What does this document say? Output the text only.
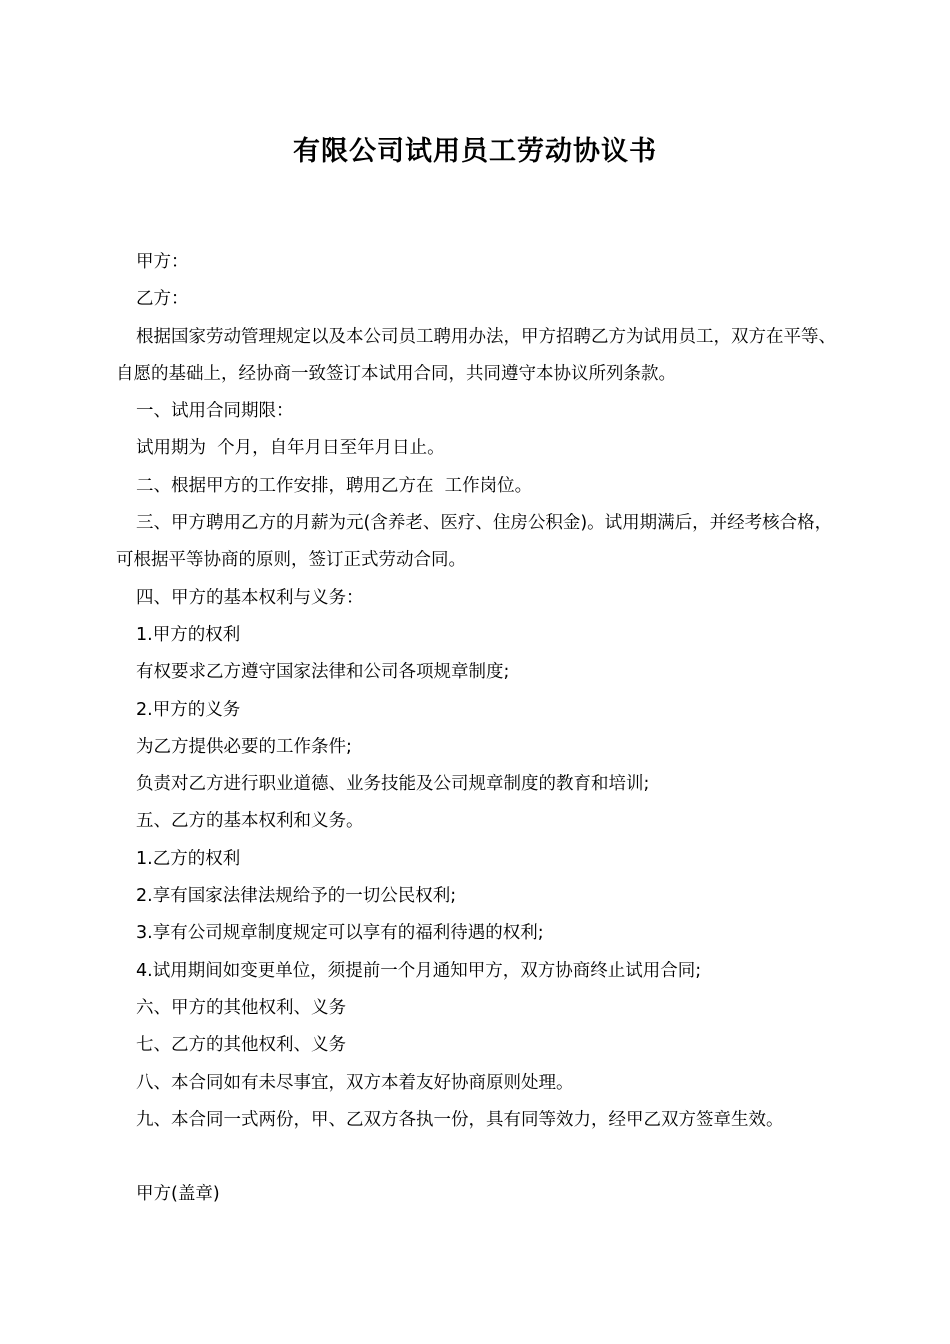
有限公司试用员工劳动协议书

甲方：

乙方：

根据国家劳动管理规定以及本公司员工聘用办法，甲方招聘乙方为试用员工，双方在平等、自愿的基础上，经协商一致签订本试用合同，共同遵守本协议所列条款。

一、试用合同期限：

试用期为  个月，自年月日至年月日止。

二、根据甲方的工作安排，聘用乙方在  工作岗位。

三、甲方聘用乙方的月薪为元(含养老、医疗、住房公积金)。试用期满后，并经考核合格，可根据平等协商的原则，签订正式劳动合同。

四、甲方的基本权利与义务：

1.甲方的权利

有权要求乙方遵守国家法律和公司各项规章制度;

2.甲方的义务

为乙方提供必要的工作条件;

负责对乙方进行职业道德、业务技能及公司规章制度的教育和培训;

五、乙方的基本权利和义务。

1.乙方的权利

2.享有国家法律法规给予的一切公民权利;

3.享有公司规章制度规定可以享有的福利待遇的权利;

4.试用期间如变更单位，须提前一个月通知甲方，双方协商终止试用合同;

六、甲方的其他权利、义务

七、乙方的其他权利、义务

八、本合同如有未尽事宜，双方本着友好协商原则处理。

九、本合同一式两份，甲、乙双方各执一份，具有同等效力，经甲乙双方签章生效。

甲方(盖章)
